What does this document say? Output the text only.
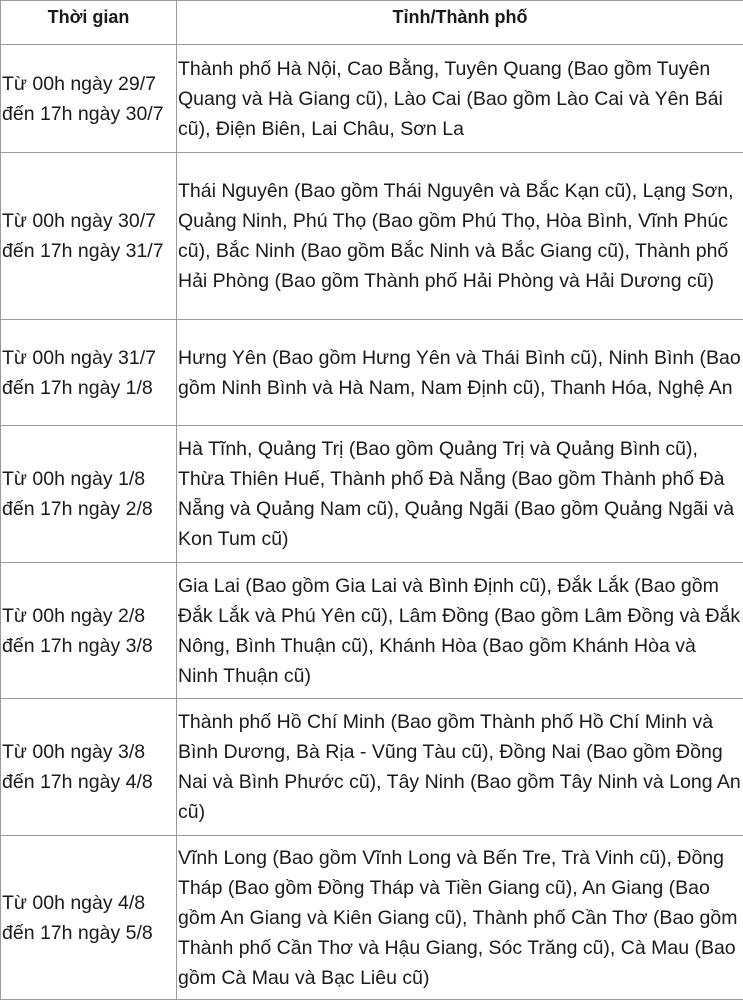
Thời gian	Tỉnh/Thành phố
Từ 00h ngày 29/7 đến 17h ngày 30/7	Thành phố Hà Nội, Cao Bằng, Tuyên Quang (Bao gồm Tuyên Quang và Hà Giang cũ), Lào Cai (Bao gồm Lào Cai và Yên Bái cũ), Điện Biên, Lai Châu, Sơn La
Từ 00h ngày 30/7 đến 17h ngày 31/7	Thái Nguyên (Bao gồm Thái Nguyên và Bắc Kạn cũ), Lạng Sơn, Quảng Ninh, Phú Thọ (Bao gồm Phú Thọ, Hòa Bình, Vĩnh Phúc cũ), Bắc Ninh (Bao gồm Bắc Ninh và Bắc Giang cũ), Thành phố Hải Phòng (Bao gồm Thành phố Hải Phòng và Hải Dương cũ)
Từ 00h ngày 31/7 đến 17h ngày 1/8	Hưng Yên (Bao gồm Hưng Yên và Thái Bình cũ), Ninh Bình (Bao gồm Ninh Bình và Hà Nam, Nam Định cũ), Thanh Hóa, Nghệ An
Từ 00h ngày 1/8 đến 17h ngày 2/8	Hà Tĩnh, Quảng Trị (Bao gồm Quảng Trị và Quảng Bình cũ), Thừa Thiên Huế, Thành phố Đà Nẵng (Bao gồm Thành phố Đà Nẵng và Quảng Nam cũ), Quảng Ngãi (Bao gồm Quảng Ngãi và Kon Tum cũ)
Từ 00h ngày 2/8 đến 17h ngày 3/8	Gia Lai (Bao gồm Gia Lai và Bình Định cũ), Đắk Lắk (Bao gồm Đắk Lắk và Phú Yên cũ), Lâm Đồng (Bao gồm Lâm Đồng và Đắk Nông, Bình Thuận cũ), Khánh Hòa (Bao gồm Khánh Hòa và Ninh Thuận cũ)
Từ 00h ngày 3/8 đến 17h ngày 4/8	Thành phố Hồ Chí Minh (Bao gồm Thành phố Hồ Chí Minh và Bình Dương, Bà Rịa - Vũng Tàu cũ), Đồng Nai (Bao gồm Đồng Nai và Bình Phước cũ), Tây Ninh (Bao gồm Tây Ninh và Long An cũ)
Từ 00h ngày 4/8 đến 17h ngày 5/8	Vĩnh Long (Bao gồm Vĩnh Long và Bến Tre, Trà Vinh cũ), Đồng Tháp (Bao gồm Đồng Tháp và Tiền Giang cũ), An Giang (Bao gồm An Giang và Kiên Giang cũ), Thành phố Cần Thơ (Bao gồm Thành phố Cần Thơ và Hậu Giang, Sóc Trăng cũ), Cà Mau (Bao gồm Cà Mau và Bạc Liêu cũ)
